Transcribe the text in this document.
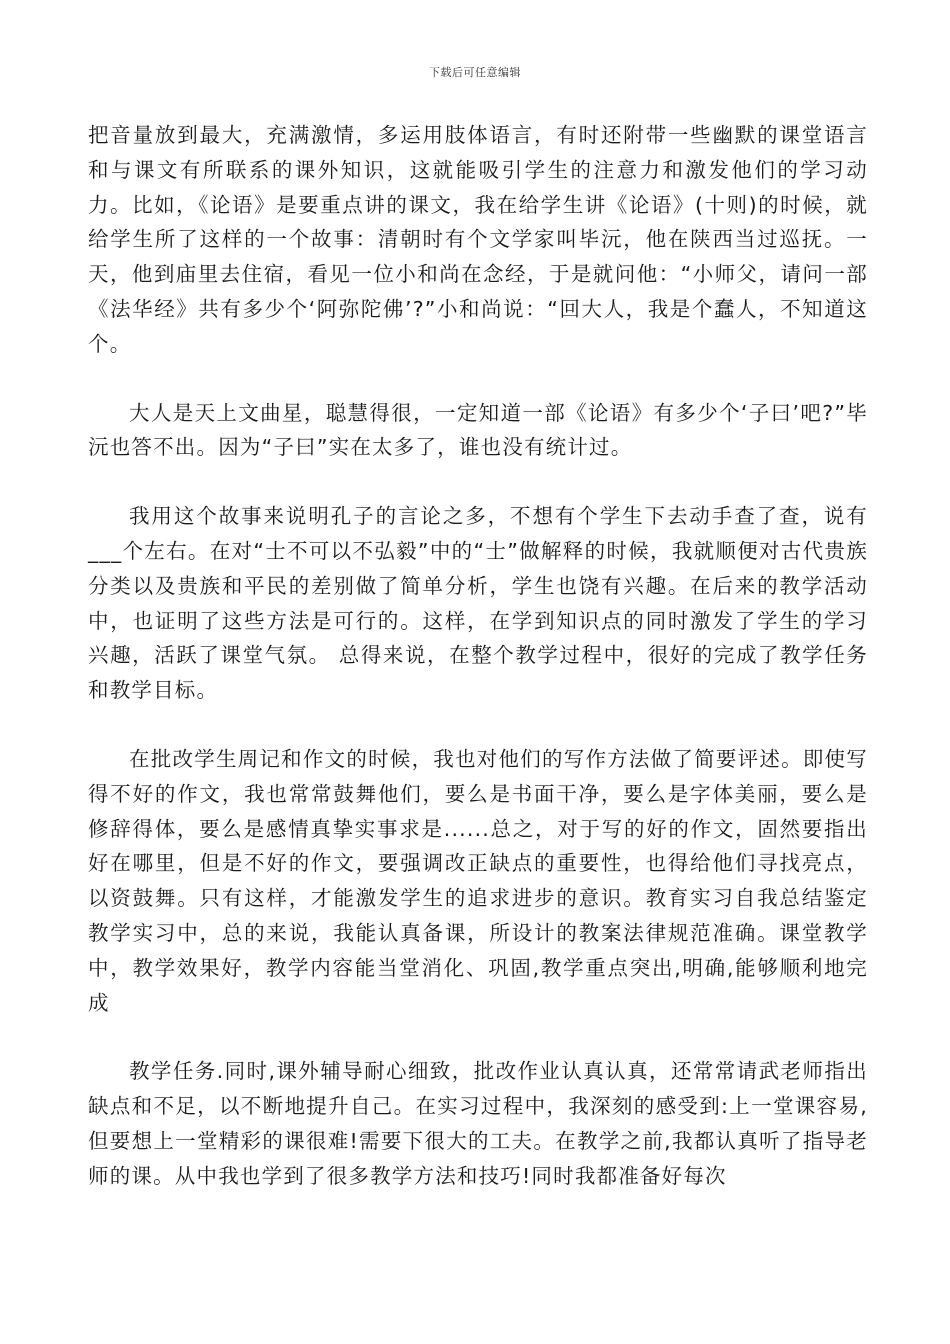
下载后可任意编辑

把音量放到最大，充满激情，多运用肢体语言，有时还附带一些幽默的课堂语言和与课文有所联系的课外知识，这就能吸引学生的注意力和激发他们的学习动力。比如，《论语》是要重点讲的课文，我在给学生讲《论语》(十则)的时候，就给学生所了这样的一个故事：清朝时有个文学家叫毕沅，他在陕西当过巡抚。一天，他到庙里去住宿，看见一位小和尚在念经，于是就问他：“小师父，请问一部《法华经》共有多少个‘阿弥陀佛’?”小和尚说：“回大人，我是个蠢人，不知道这个。

大人是天上文曲星，聪慧得很，一定知道一部《论语》有多少个‘子曰’吧?”毕沅也答不出。因为“子曰”实在太多了，谁也没有统计过。

我用这个故事来说明孔子的言论之多，不想有个学生下去动手查了查，说有___个左右。在对“士不可以不弘毅”中的“士”做解释的时候，我就顺便对古代贵族分类以及贵族和平民的差别做了简单分析，学生也饶有兴趣。在后来的教学活动中，也证明了这些方法是可行的。这样，在学到知识点的同时激发了学生的学习兴趣，活跃了课堂气氛。 总得来说，在整个教学过程中，很好的完成了教学任务和教学目标。

在批改学生周记和作文的时候，我也对他们的写作方法做了简要评述。即使写得不好的作文，我也常常鼓舞他们，要么是书面干净，要么是字体美丽，要么是修辞得体，要么是感情真挚实事求是......总之，对于写的好的作文，固然要指出好在哪里，但是不好的作文，要强调改正缺点的重要性，也得给他们寻找亮点，以资鼓舞。只有这样，才能激发学生的追求进步的意识。教育实习自我总结鉴定教学实习中，总的来说，我能认真备课，所设计的教案法律规范准确。课堂教学中，教学效果好，教学内容能当堂消化、巩固,教学重点突出,明确,能够顺利地完成

教学任务.同时,课外辅导耐心细致，批改作业认真认真，还常常请武老师指出缺点和不足，以不断地提升自己。在实习过程中，我深刻的感受到:上一堂课容易,但要想上一堂精彩的课很难!需要下很大的工夫。在教学之前,我都认真听了指导老师的课。从中我也学到了很多教学方法和技巧!同时我都准备好每次
